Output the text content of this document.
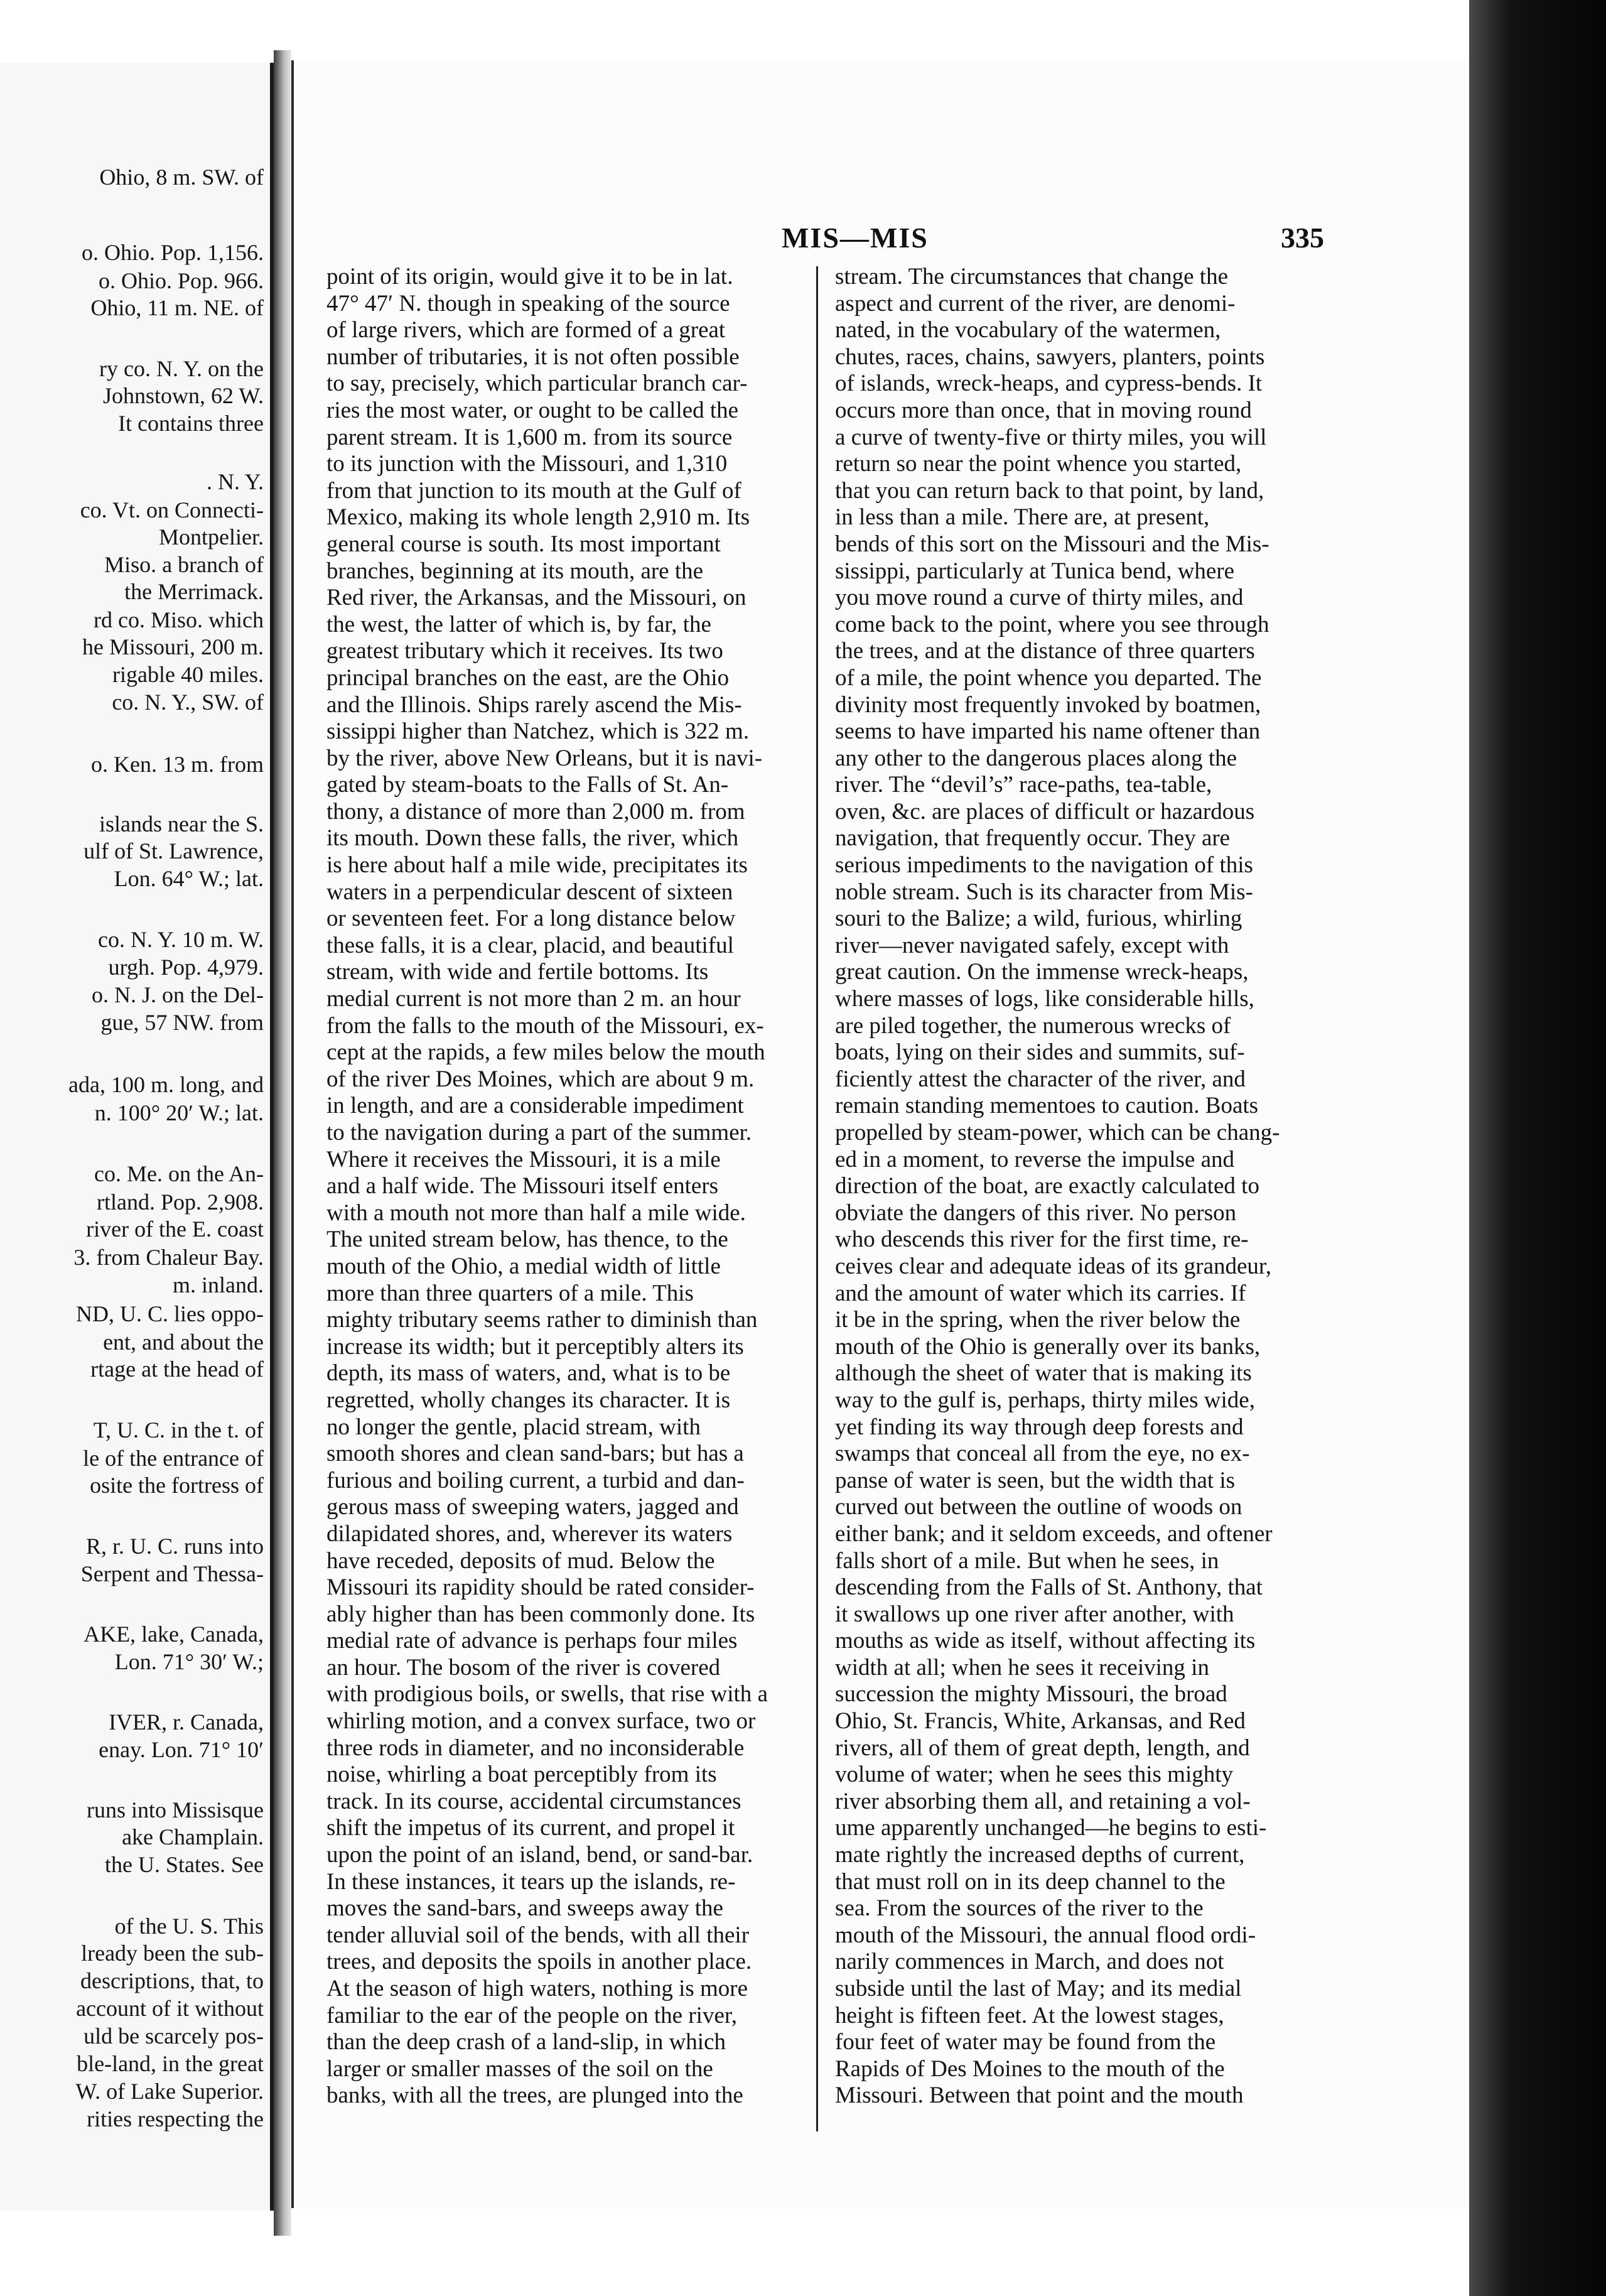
Ohio, 8 m. SW. of
o. Ohio. Pop. 1,156.
o. Ohio. Pop. 966.
Ohio, 11 m. NE. of
ry co. N. Y. on the
Johnstown, 62 W.
It contains three
. N. Y.
co. Vt. on Connecti-
Montpelier.
Miso. a branch of
the Merrimack.
rd co. Miso. which
he Missouri, 200 m.
rigable 40 miles.
co. N. Y., SW. of
o. Ken. 13 m. from
islands near the S.
ulf of St. Lawrence,
Lon. 64° W.; lat.
co. N. Y. 10 m. W.
urgh. Pop. 4,979.
o. N. J. on the Del-
gue, 57 NW. from
ada, 100 m. long, and
n. 100° 20′ W.; lat.
co. Me. on the An-
rtland. Pop. 2,908.
river of the E. coast
3. from Chaleur Bay.
m. inland.
ND, U. C. lies oppo-
ent, and about the
rtage at the head of
T, U. C. in the t. of
le of the entrance of
osite the fortress of
R, r. U. C. runs into
Serpent and Thessa-
AKE, lake, Canada,
Lon. 71° 30′ W.;
IVER, r. Canada,
enay. Lon. 71° 10′
runs into Missisque
ake Champlain.
the U. States. See
of the U. S. This
lready been the sub-
descriptions, that, to
account of it without
uld be scarcely pos-
ble-land, in the great
W. of Lake Superior.
rities respecting the
MIS—MIS	335
point of its origin, would give it to be in lat.
47° 47′ N. though in speaking of the source
of large rivers, which are formed of a great
number of tributaries, it is not often possible
to say, precisely, which particular branch car-
ries the most water, or ought to be called the
parent stream. It is 1,600 m. from its source
to its junction with the Missouri, and 1,310
from that junction to its mouth at the Gulf of
Mexico, making its whole length 2,910 m. Its
general course is south. Its most important
branches, beginning at its mouth, are the
Red river, the Arkansas, and the Missouri, on
the west, the latter of which is, by far, the
greatest tributary which it receives. Its two
principal branches on the east, are the Ohio
and the Illinois. Ships rarely ascend the Mis-
sissippi higher than Natchez, which is 322 m.
by the river, above New Orleans, but it is navi-
gated by steam-boats to the Falls of St. An-
thony, a distance of more than 2,000 m. from
its mouth. Down these falls, the river, which
is here about half a mile wide, precipitates its
waters in a perpendicular descent of sixteen
or seventeen feet. For a long distance below
these falls, it is a clear, placid, and beautiful
stream, with wide and fertile bottoms. Its
medial current is not more than 2 m. an hour
from the falls to the mouth of the Missouri, ex-
cept at the rapids, a few miles below the mouth
of the river Des Moines, which are about 9 m.
in length, and are a considerable impediment
to the navigation during a part of the summer.
Where it receives the Missouri, it is a mile
and a half wide. The Missouri itself enters
with a mouth not more than half a mile wide.
The united stream below, has thence, to the
mouth of the Ohio, a medial width of little
more than three quarters of a mile. This
mighty tributary seems rather to diminish than
increase its width; but it perceptibly alters its
depth, its mass of waters, and, what is to be
regretted, wholly changes its character. It is
no longer the gentle, placid stream, with
smooth shores and clean sand-bars; but has a
furious and boiling current, a turbid and dan-
gerous mass of sweeping waters, jagged and
dilapidated shores, and, wherever its waters
have receded, deposits of mud. Below the
Missouri its rapidity should be rated consider-
ably higher than has been commonly done. Its
medial rate of advance is perhaps four miles
an hour. The bosom of the river is covered
with prodigious boils, or swells, that rise with a
whirling motion, and a convex surface, two or
three rods in diameter, and no inconsiderable
noise, whirling a boat perceptibly from its
track. In its course, accidental circumstances
shift the impetus of its current, and propel it
upon the point of an island, bend, or sand-bar.
In these instances, it tears up the islands, re-
moves the sand-bars, and sweeps away the
tender alluvial soil of the bends, with all their
trees, and deposits the spoils in another place.
At the season of high waters, nothing is more
familiar to the ear of the people on the river,
than the deep crash of a land-slip, in which
larger or smaller masses of the soil on the
banks, with all the trees, are plunged into the
stream. The circumstances that change the
aspect and current of the river, are denomi-
nated, in the vocabulary of the watermen,
chutes, races, chains, sawyers, planters, points
of islands, wreck-heaps, and cypress-bends. It
occurs more than once, that in moving round
a curve of twenty-five or thirty miles, you will
return so near the point whence you started,
that you can return back to that point, by land,
in less than a mile. There are, at present,
bends of this sort on the Missouri and the Mis-
sissippi, particularly at Tunica bend, where
you move round a curve of thirty miles, and
come back to the point, where you see through
the trees, and at the distance of three quarters
of a mile, the point whence you departed. The
divinity most frequently invoked by boatmen,
seems to have imparted his name oftener than
any other to the dangerous places along the
river. The “devil’s” race-paths, tea-table,
oven, &c. are places of difficult or hazardous
navigation, that frequently occur. They are
serious impediments to the navigation of this
noble stream. Such is its character from Mis-
souri to the Balize; a wild, furious, whirling
river—never navigated safely, except with
great caution. On the immense wreck-heaps,
where masses of logs, like considerable hills,
are piled together, the numerous wrecks of
boats, lying on their sides and summits, suf-
ficiently attest the character of the river, and
remain standing mementoes to caution. Boats
propelled by steam-power, which can be chang-
ed in a moment, to reverse the impulse and
direction of the boat, are exactly calculated to
obviate the dangers of this river. No person
who descends this river for the first time, re-
ceives clear and adequate ideas of its grandeur,
and the amount of water which its carries. If
it be in the spring, when the river below the
mouth of the Ohio is generally over its banks,
although the sheet of water that is making its
way to the gulf is, perhaps, thirty miles wide,
yet finding its way through deep forests and
swamps that conceal all from the eye, no ex-
panse of water is seen, but the width that is
curved out between the outline of woods on
either bank; and it seldom exceeds, and oftener
falls short of a mile. But when he sees, in
descending from the Falls of St. Anthony, that
it swallows up one river after another, with
mouths as wide as itself, without affecting its
width at all; when he sees it receiving in
succession the mighty Missouri, the broad
Ohio, St. Francis, White, Arkansas, and Red
rivers, all of them of great depth, length, and
volume of water; when he sees this mighty
river absorbing them all, and retaining a vol-
ume apparently unchanged—he begins to esti-
mate rightly the increased depths of current,
that must roll on in its deep channel to the
sea. From the sources of the river to the
mouth of the Missouri, the annual flood ordi-
narily commences in March, and does not
subside until the last of May; and its medial
height is fifteen feet. At the lowest stages,
four feet of water may be found from the
Rapids of Des Moines to the mouth of the
Missouri. Between that point and the mouth
